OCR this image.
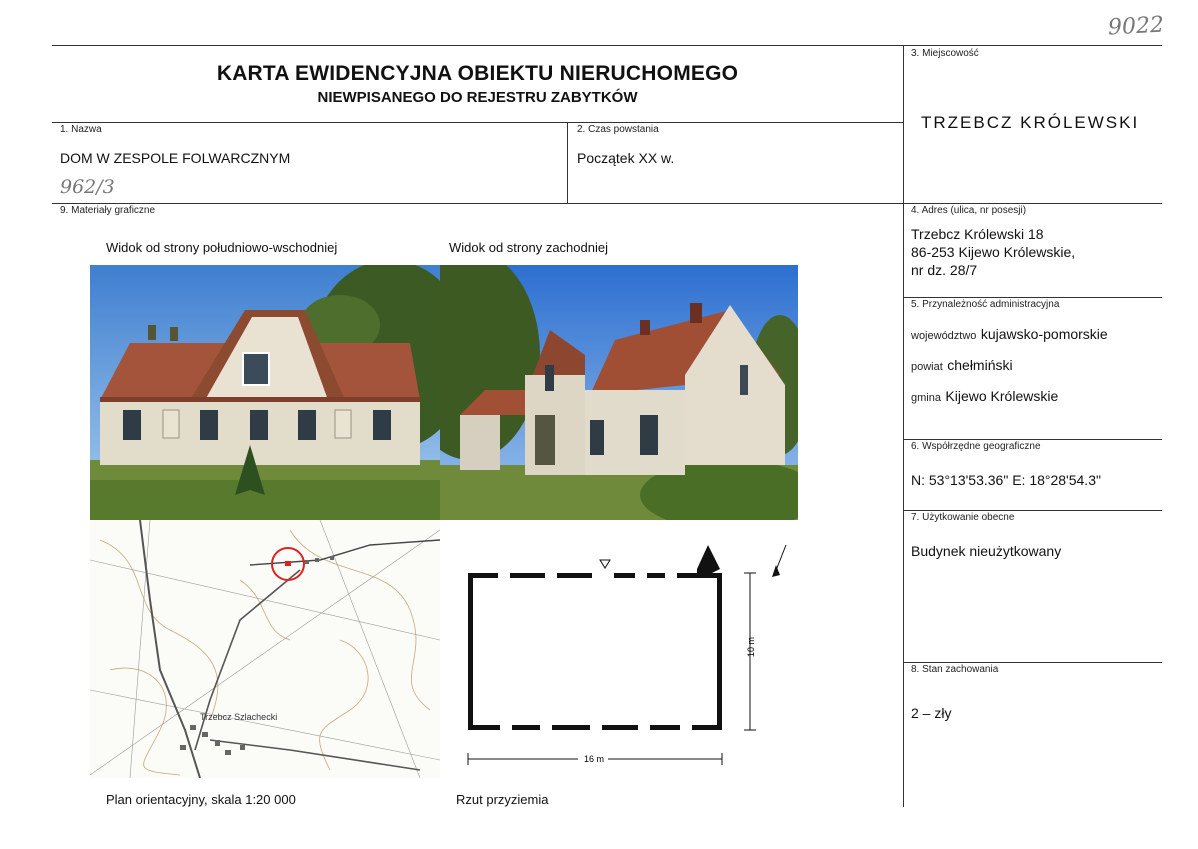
9022
KARTA EWIDENCYJNA OBIEKTU NIERUCHOMEGO
NIEWPISANEGO DO REJESTRU ZABYTKÓW
1. Nazwa
DOM W ZESPOLE FOLWARCZNYM
962/3
2. Czas powstania
Początek XX w.
3. Miejscowość
TRZEBCZ KRÓLEWSKI
4. Adres (ulica, nr posesji)
Trzebcz Królewski 18
86-253 Kijewo Królewskie,
nr dz. 28/7
5. Przynależność administracyjna
województwo kujawsko-pomorskie
powiat chełmiński
gmina Kijewo Królewskie
6. Współrzędne geograficzne
N: 53°13'53.36" E: 18°28'54.3"
7. Użytkowanie obecne
Budynek nieużytkowany
8. Stan zachowania
2 – zły
9. Materiały graficzne
Widok od strony południowo-wschodniej	Widok od strony zachodniej
Trzebcz Szlachecki
10 m
16 m
Plan orientacyjny, skala 1:20 000	Rzut przyziemia
